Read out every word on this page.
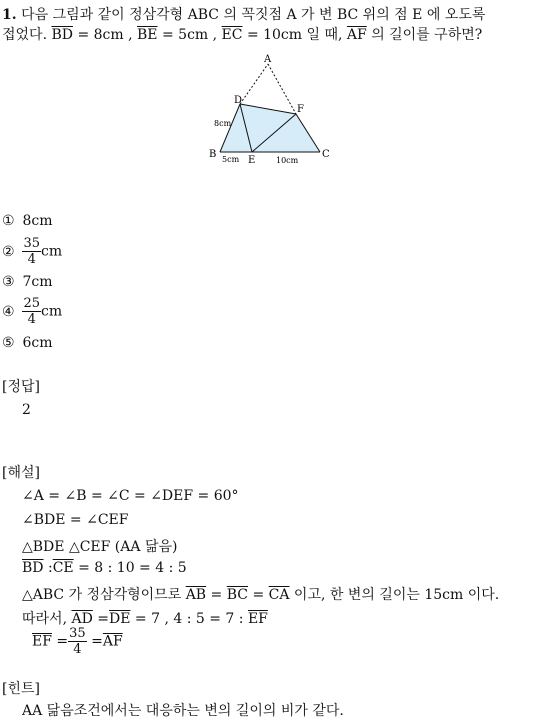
1. 다음 그림과 같이 정삼각형 ABC 의 꼭짓점 A 가 변 BC 위의 점 E 에 오도록
접었다. $\overline{BD} = 8cm$ , $\overline{BE} = 5cm$ , $\overline{EC} = 10cm$ 일 때, $\overline{AF}$ 의 길이를 구하면?
A
B	C
D
E
F
8cm
5cm	10cm
① 8cm
② $\frac{35}{4}$ cm
③ 7cm
④ $\frac{25}{4}$ cm
⑤ 6cm
[정답]
2
[해설]
∠A = ∠B = ∠C = ∠DEF = 60°
∠BDE = ∠CEF
△BDE △CEF (AA 닮음)
$\overline{BD}$ $:\overline{CE} = 8$ : 10 = 4 : 5
△ABC 가 정삼각형이므로 $\overline{AB} = \overline{BC} = \overline{CA}$ 이고, 한 변의 길이는 15cm 이다.
따라서, $\overline{AD} =\overline{DE} = 7$ , 4 : 5 = 7 : $\overline{EF}$
$\overline{EF} = \frac{35}{4} =\overline{AF}$
[힌트]
AA 닮음조건에서는 대응하는 변의 길이의 비가 같다.
